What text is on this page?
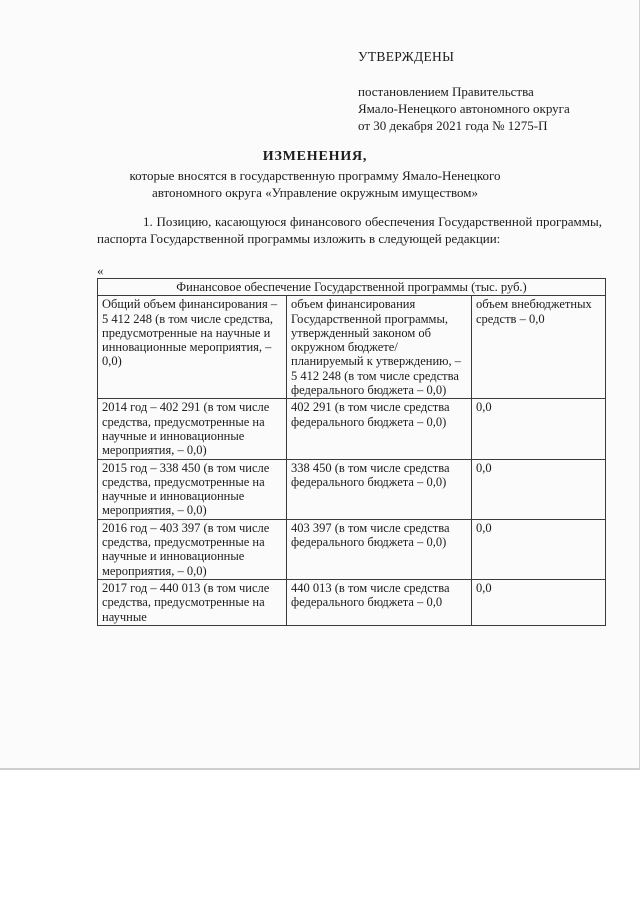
УТВЕРЖДЕНЫ
постановлением Правительства
Ямало-Ненецкого автономного округа
от 30 декабря 2021 года № 1275-П
ИЗМЕНЕНИЯ,
которые вносятся в государственную программу Ямало-Ненецкого
автономного округа «Управление окружным имуществом»
1. Позицию, касающуюся финансового обеспечения Государственной программы, паспорта Государственной программы изложить в следующей редакции:
«
Финансовое обеспечение Государственной программы (тыс. руб.)		
Общий объем финансирования – 5 412 248 (в том числе средства, предусмотренные на научные и инновационные мероприятия, – 0,0)	объем финансирования Государственной программы, утвержденный законом об окружном бюджете/планируемый к утверждению, – 5 412 248 (в том числе средства федерального бюджета – 0,0)	объем внебюджетных средств – 0,0
2014 год – 402 291 (в том числе средства, предусмотренные на научные и инновационные мероприятия, – 0,0)	402 291 (в том числе средства федерального бюджета – 0,0)	0,0
2015 год – 338 450 (в том числе средства, предусмотренные на научные и инновационные мероприятия, – 0,0)	338 450 (в том числе средства федерального бюджета – 0,0)	0,0
2016 год – 403 397 (в том числе средства, предусмотренные на научные и инновационные мероприятия, – 0,0)	403 397 (в том числе средства федерального бюджета – 0,0)	0,0
2017 год – 440 013 (в том числе средства, предусмотренные на научные	440 013 (в том числе средства федерального бюджета – 0,0	0,0
